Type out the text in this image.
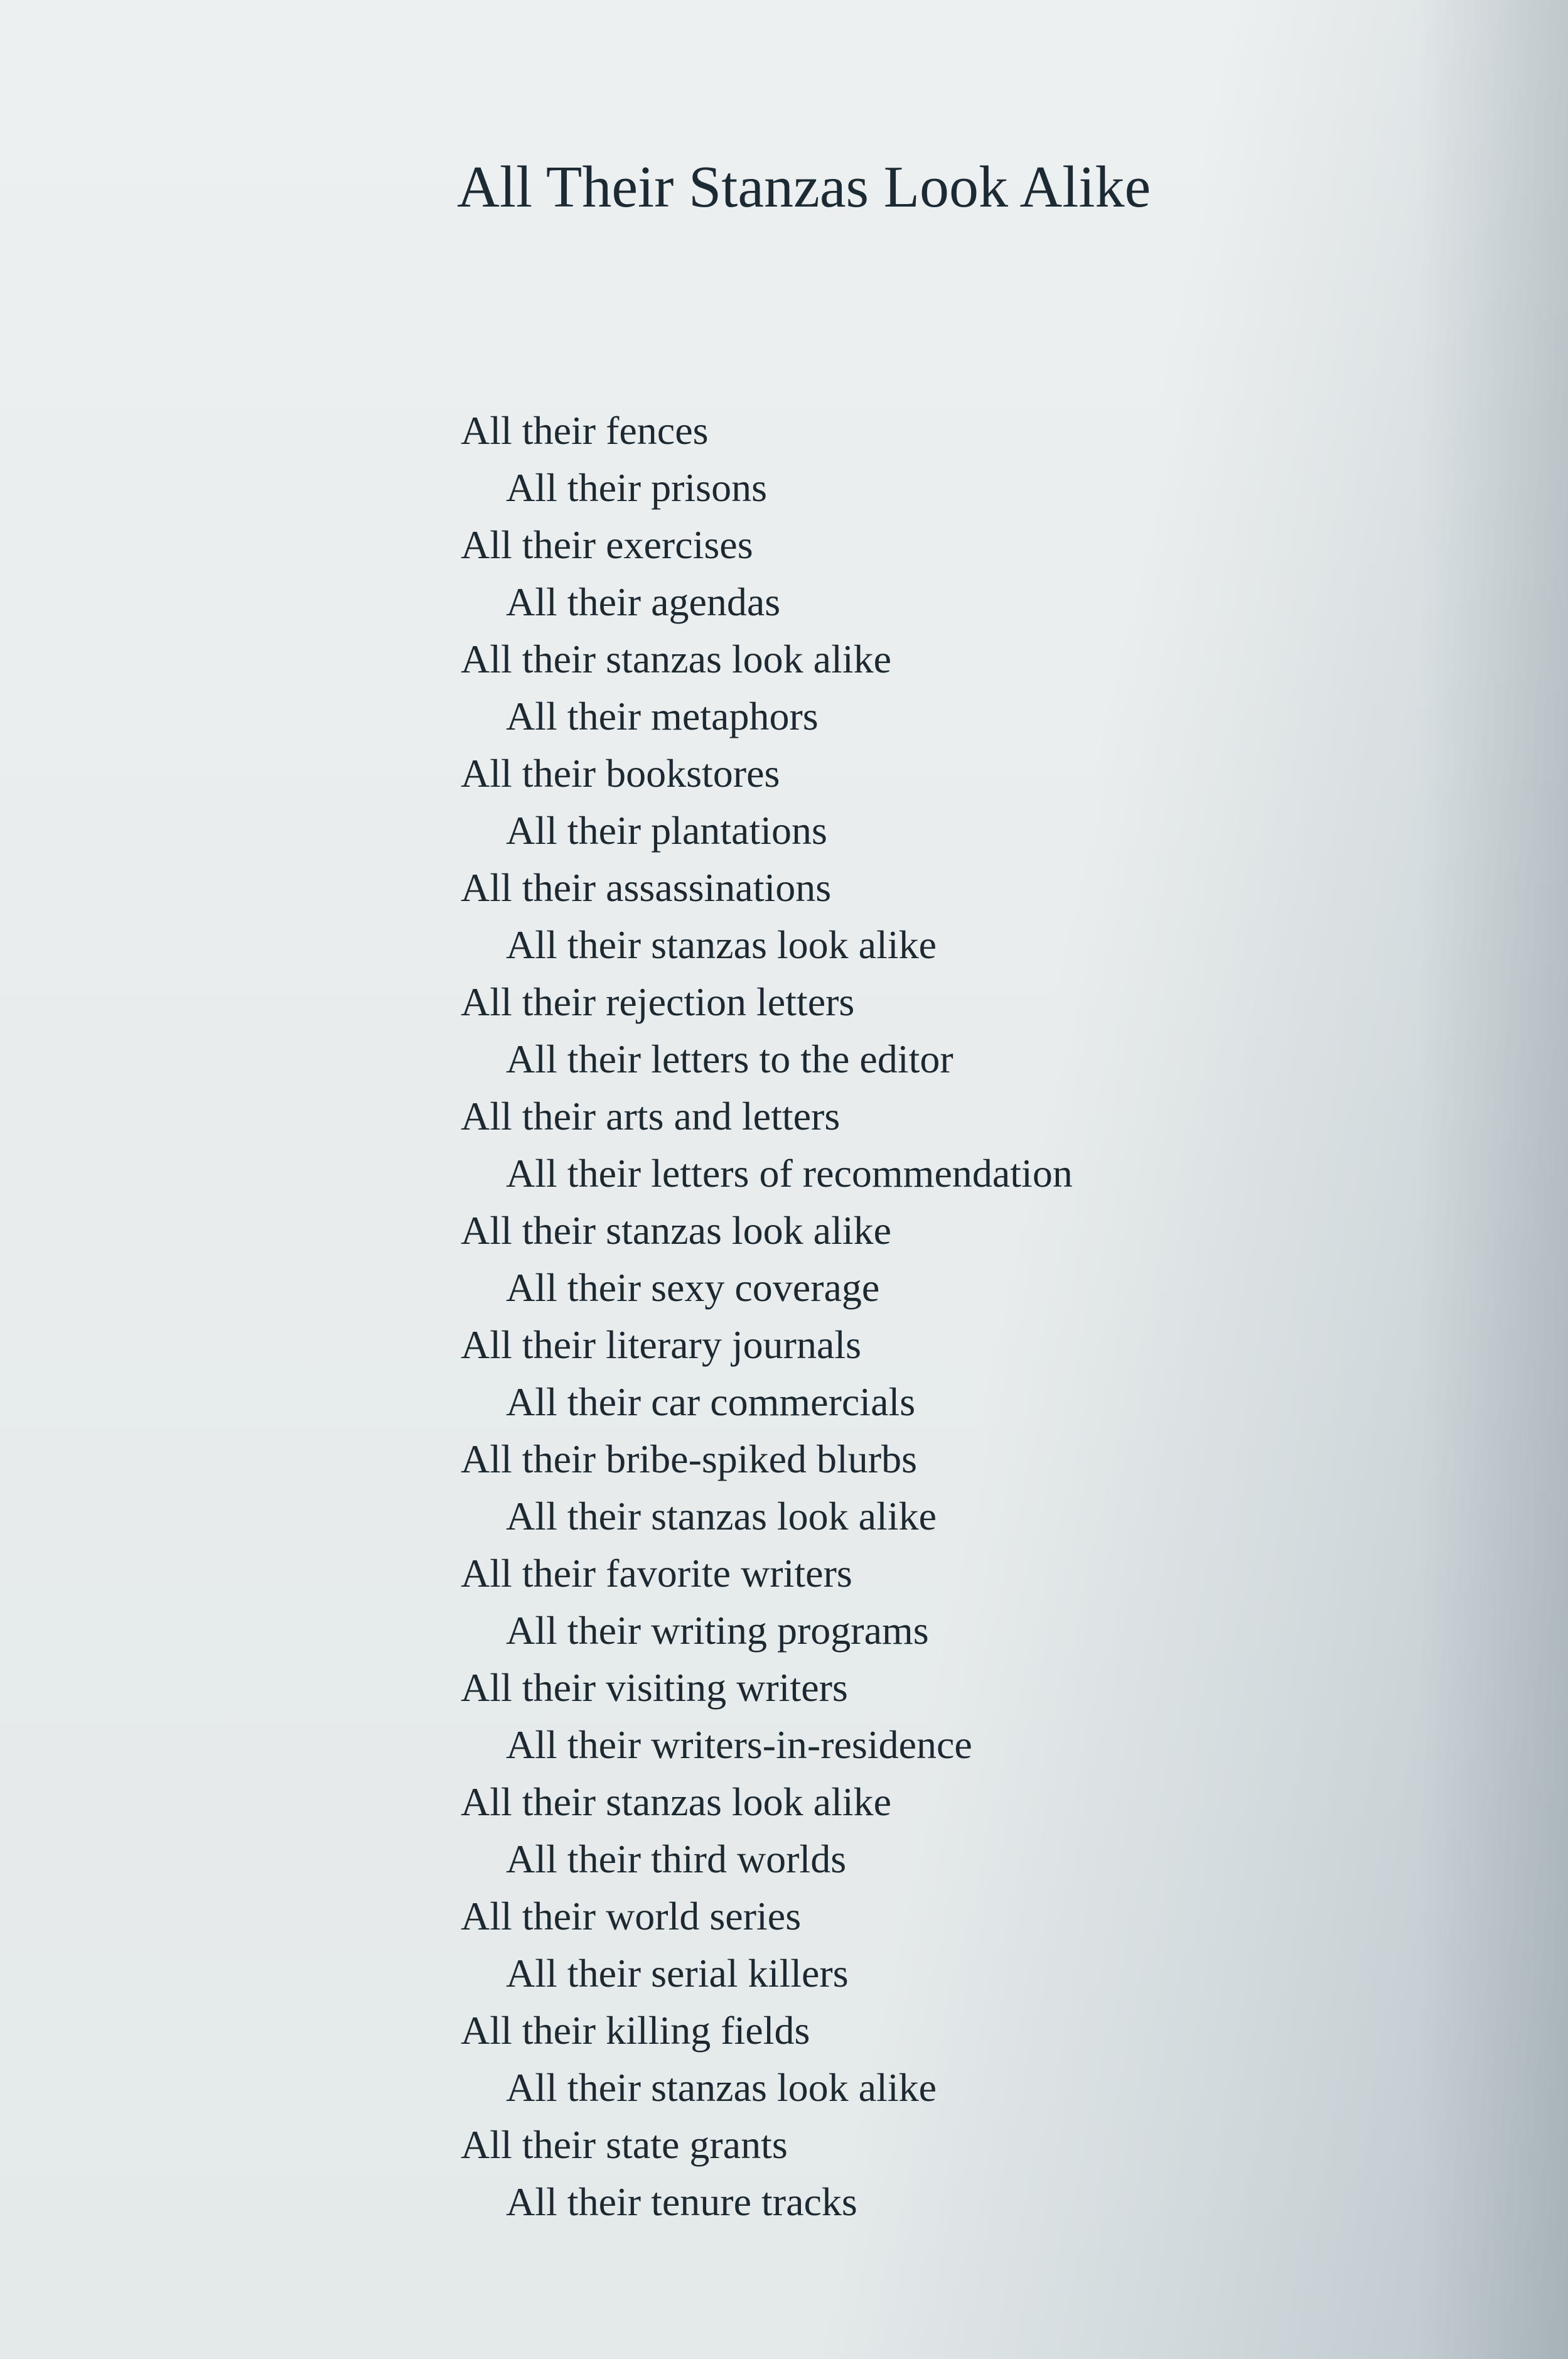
All Their Stanzas Look Alike
All their fences
All their prisons
All their exercises
All their agendas
All their stanzas look alike
All their metaphors
All their bookstores
All their plantations
All their assassinations
All their stanzas look alike
All their rejection letters
All their letters to the editor
All their arts and letters
All their letters of recommendation
All their stanzas look alike
All their sexy coverage
All their literary journals
All their car commercials
All their bribe-spiked blurbs
All their stanzas look alike
All their favorite writers
All their writing programs
All their visiting writers
All their writers-in-residence
All their stanzas look alike
All their third worlds
All their world series
All their serial killers
All their killing fields
All their stanzas look alike
All their state grants
All their tenure tracks
